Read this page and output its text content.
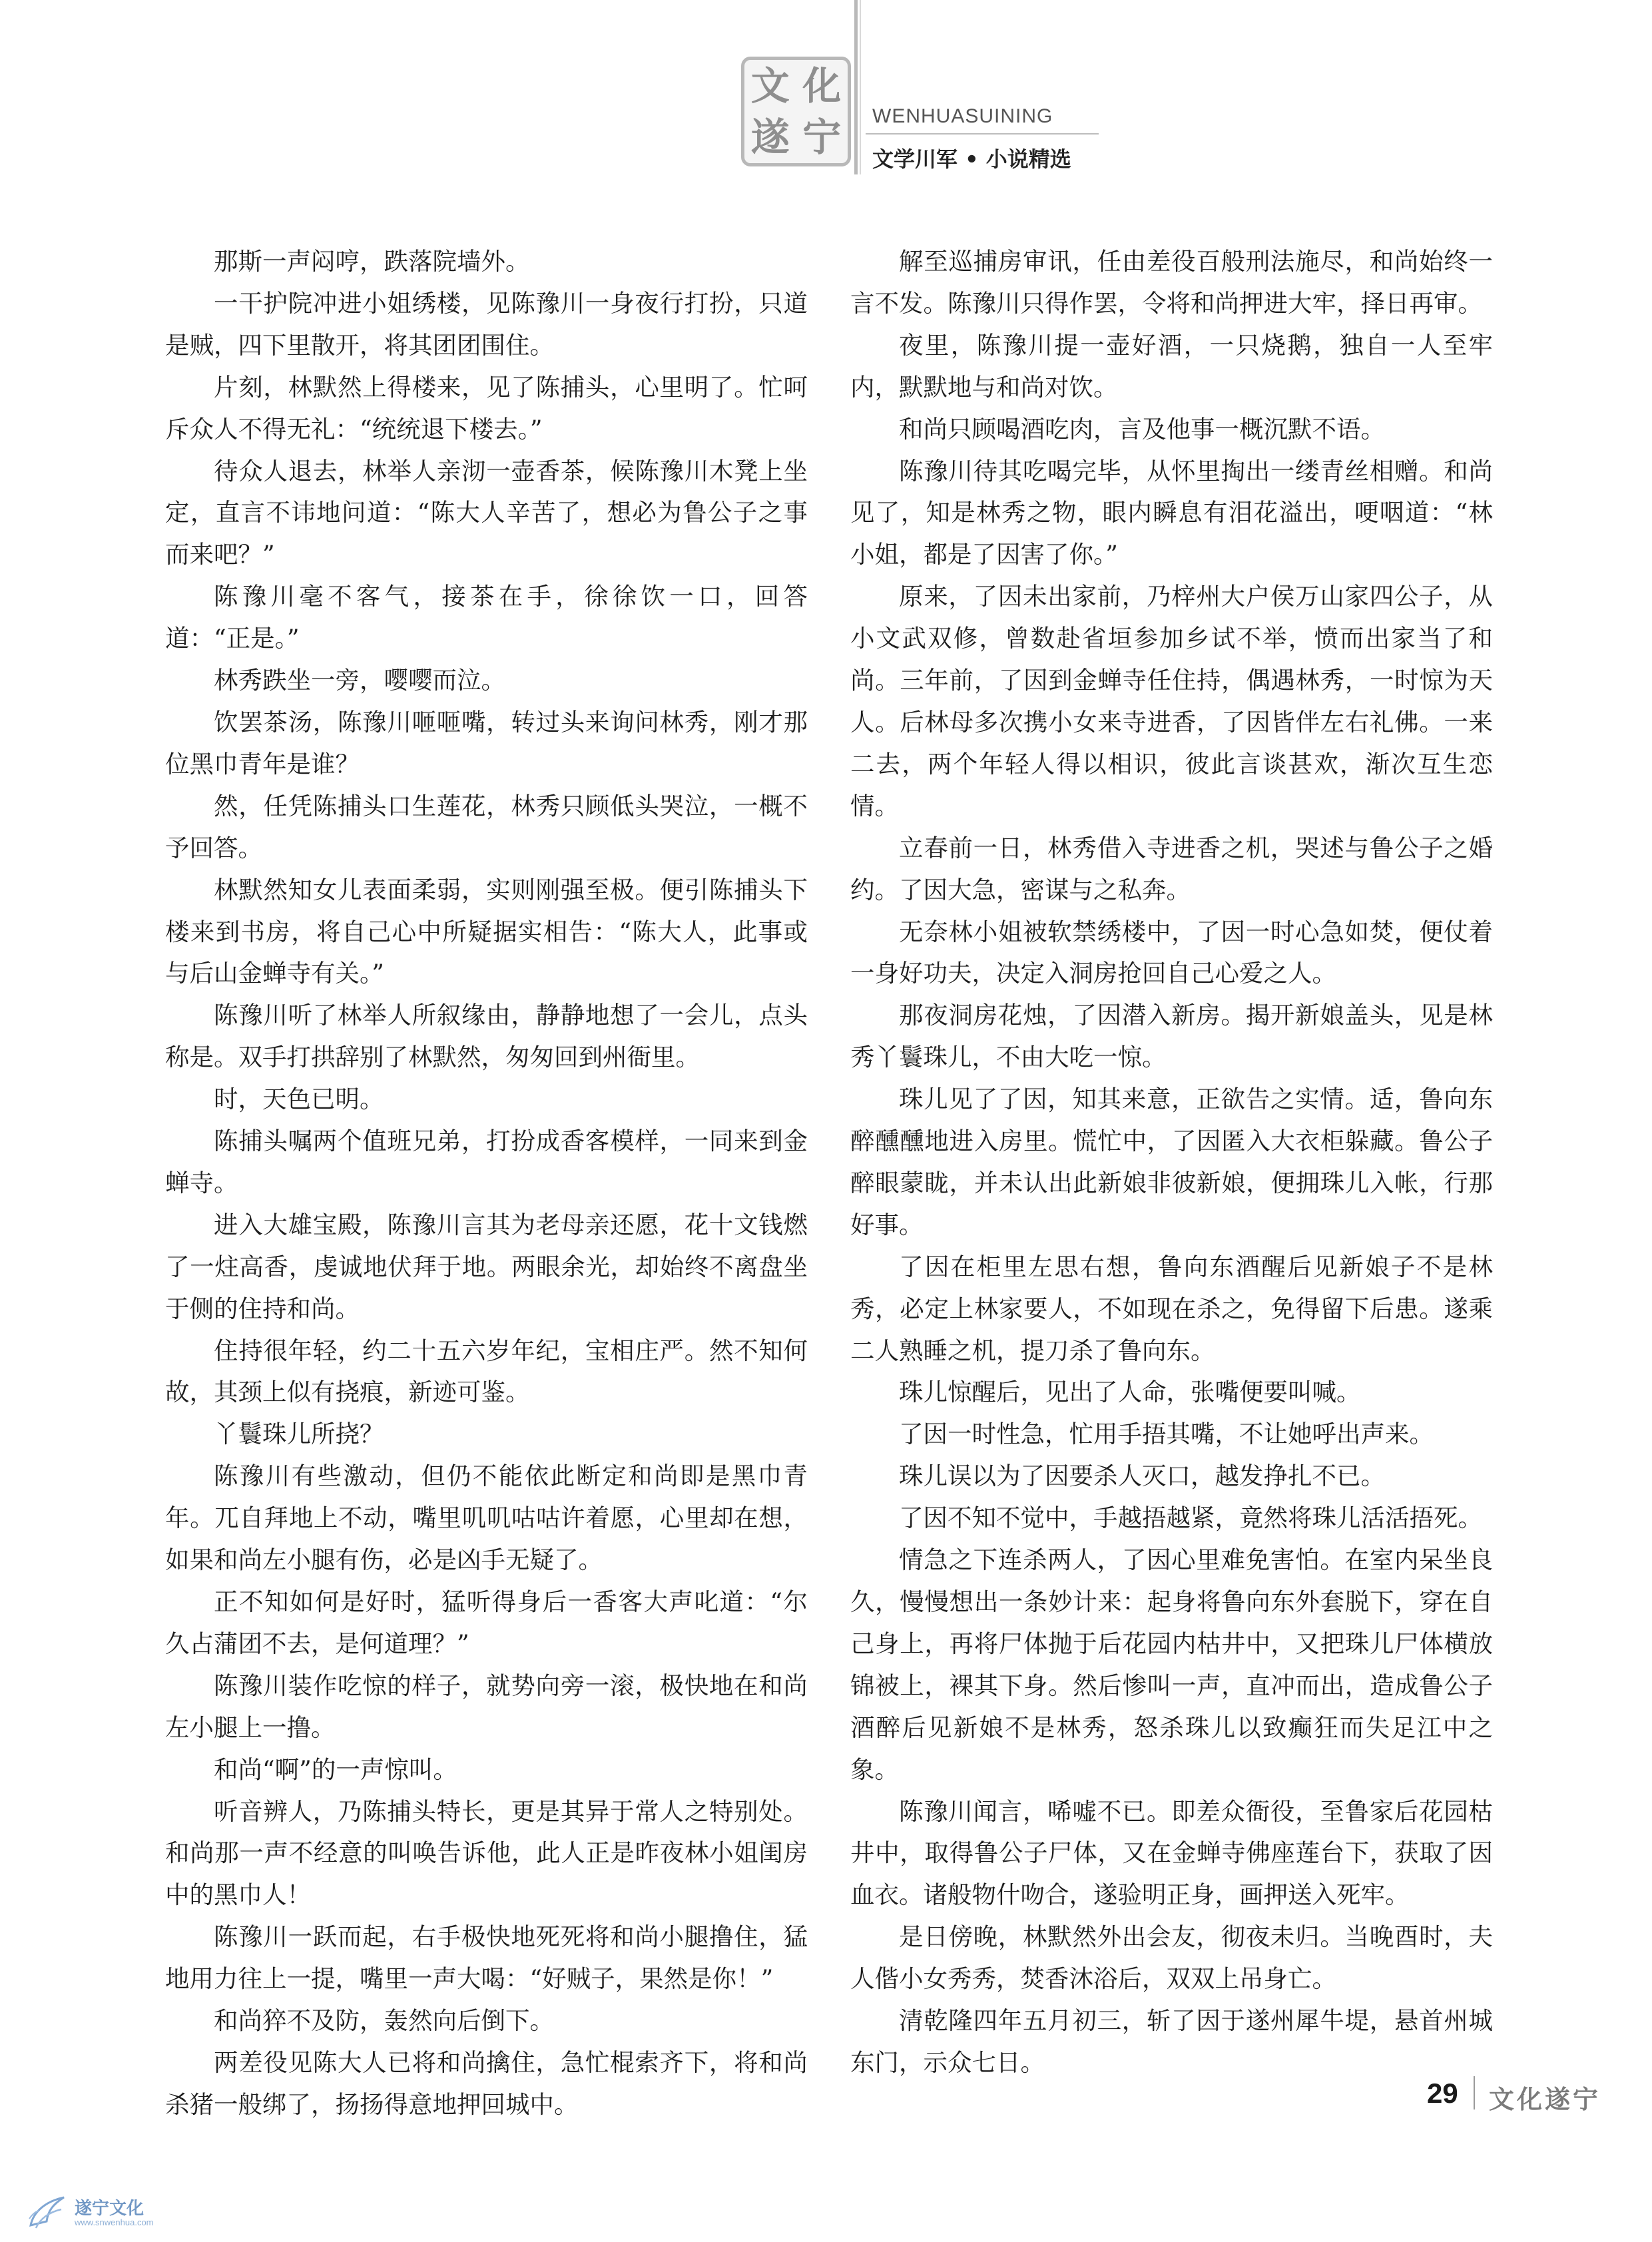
文 化
遂 宁 WENHUASUINING
文学川军 • 小说精选

那斯一声闷哼，跌落院墙外。

一干护院冲进小姐绣楼，见陈豫川一身夜行打扮，只道是贼，四下里散开，将其团团围住。

片刻，林默然上得楼来，见了陈捕头，心里明了。忙呵斥众人不得无礼：“统统退下楼去。”

待众人退去，林举人亲沏一壶香茶，候陈豫川木凳上坐定，直言不讳地问道：“陈大人辛苦了，想必为鲁公子之事而来吧？”

陈豫川毫不客气，接茶在手，徐徐饮一口，回答道：“正是。”

林秀跌坐一旁，嘤嘤而泣。

饮罢茶汤，陈豫川咂咂嘴，转过头来询问林秀，刚才那位黑巾青年是谁？

然，任凭陈捕头口生莲花，林秀只顾低头哭泣，一概不予回答。

林默然知女儿表面柔弱，实则刚强至极。便引陈捕头下楼来到书房，将自己心中所疑据实相告：“陈大人，此事或与后山金蝉寺有关。”

陈豫川听了林举人所叙缘由，静静地想了一会儿，点头称是。双手打拱辞别了林默然，匆匆回到州衙里。

时，天色已明。

陈捕头嘱两个值班兄弟，打扮成香客模样，一同来到金蝉寺。

进入大雄宝殿，陈豫川言其为老母亲还愿，花十文钱燃了一炷高香，虔诚地伏拜于地。两眼余光，却始终不离盘坐于侧的住持和尚。

住持很年轻，约二十五六岁年纪，宝相庄严。然不知何故，其颈上似有挠痕，新迹可鉴。

丫鬟珠儿所挠？

陈豫川有些激动，但仍不能依此断定和尚即是黑巾青年。兀自拜地上不动，嘴里叽叽咕咕许着愿，心里却在想，如果和尚左小腿有伤，必是凶手无疑了。

正不知如何是好时，猛听得身后一香客大声叱道：“尔久占蒲团不去，是何道理？”

陈豫川装作吃惊的样子，就势向旁一滚，极快地在和尚左小腿上一撸。

和尚“啊”的一声惊叫。

听音辨人，乃陈捕头特长，更是其异于常人之特别处。和尚那一声不经意的叫唤告诉他，此人正是昨夜林小姐闺房中的黑巾人！

陈豫川一跃而起，右手极快地死死将和尚小腿撸住，猛地用力往上一提，嘴里一声大喝：“好贼子，果然是你！”

和尚猝不及防，轰然向后倒下。

两差役见陈大人已将和尚擒住，急忙棍索齐下，将和尚杀猪一般绑了，扬扬得意地押回城中。

解至巡捕房审讯，任由差役百般刑法施尽，和尚始终一言不发。陈豫川只得作罢，令将和尚押进大牢，择日再审。

夜里，陈豫川提一壶好酒，一只烧鹅，独自一人至牢内，默默地与和尚对饮。

和尚只顾喝酒吃肉，言及他事一概沉默不语。

陈豫川待其吃喝完毕，从怀里掏出一缕青丝相赠。和尚见了，知是林秀之物，眼内瞬息有泪花溢出，哽咽道：“林小姐，都是了因害了你。”

原来，了因未出家前，乃梓州大户侯万山家四公子，从小文武双修，曾数赴省垣参加乡试不举，愤而出家当了和尚。三年前，了因到金蝉寺任住持，偶遇林秀，一时惊为天人。后林母多次携小女来寺进香，了因皆伴左右礼佛。一来二去，两个年轻人得以相识，彼此言谈甚欢，渐次互生恋情。

立春前一日，林秀借入寺进香之机，哭述与鲁公子之婚约。了因大急，密谋与之私奔。

无奈林小姐被软禁绣楼中，了因一时心急如焚，便仗着一身好功夫，决定入洞房抢回自己心爱之人。

那夜洞房花烛，了因潜入新房。揭开新娘盖头，见是林秀丫鬟珠儿，不由大吃一惊。

珠儿见了了因，知其来意，正欲告之实情。适，鲁向东醉醺醺地进入房里。慌忙中，了因匿入大衣柜躲藏。鲁公子醉眼蒙眬，并未认出此新娘非彼新娘，便拥珠儿入帐，行那好事。

了因在柜里左思右想，鲁向东酒醒后见新娘子不是林秀，必定上林家要人，不如现在杀之，免得留下后患。遂乘二人熟睡之机，提刀杀了鲁向东。

珠儿惊醒后，见出了人命，张嘴便要叫喊。

了因一时性急，忙用手捂其嘴，不让她呼出声来。

珠儿误以为了因要杀人灭口，越发挣扎不已。

了因不知不觉中，手越捂越紧，竟然将珠儿活活捂死。

情急之下连杀两人，了因心里难免害怕。在室内呆坐良久，慢慢想出一条妙计来：起身将鲁向东外套脱下，穿在自己身上，再将尸体抛于后花园内枯井中，又把珠儿尸体横放锦被上，裸其下身。然后惨叫一声，直冲而出，造成鲁公子酒醉后见新娘不是林秀，怒杀珠儿以致癫狂而失足江中之象。

陈豫川闻言，唏嘘不已。即差众衙役，至鲁家后花园枯井中，取得鲁公子尸体，又在金蝉寺佛座莲台下，获取了因血衣。诸般物什吻合，遂验明正身，画押送入死牢。

是日傍晚，林默然外出会友，彻夜未归。当晚酉时，夫人偕小女秀秀，焚香沐浴后，双双上吊身亡。

清乾隆四年五月初三，斩了因于遂州犀牛堤，悬首州城东门，示众七日。

29 文化遂宁
遂宁文化
www.snwenhua.com
